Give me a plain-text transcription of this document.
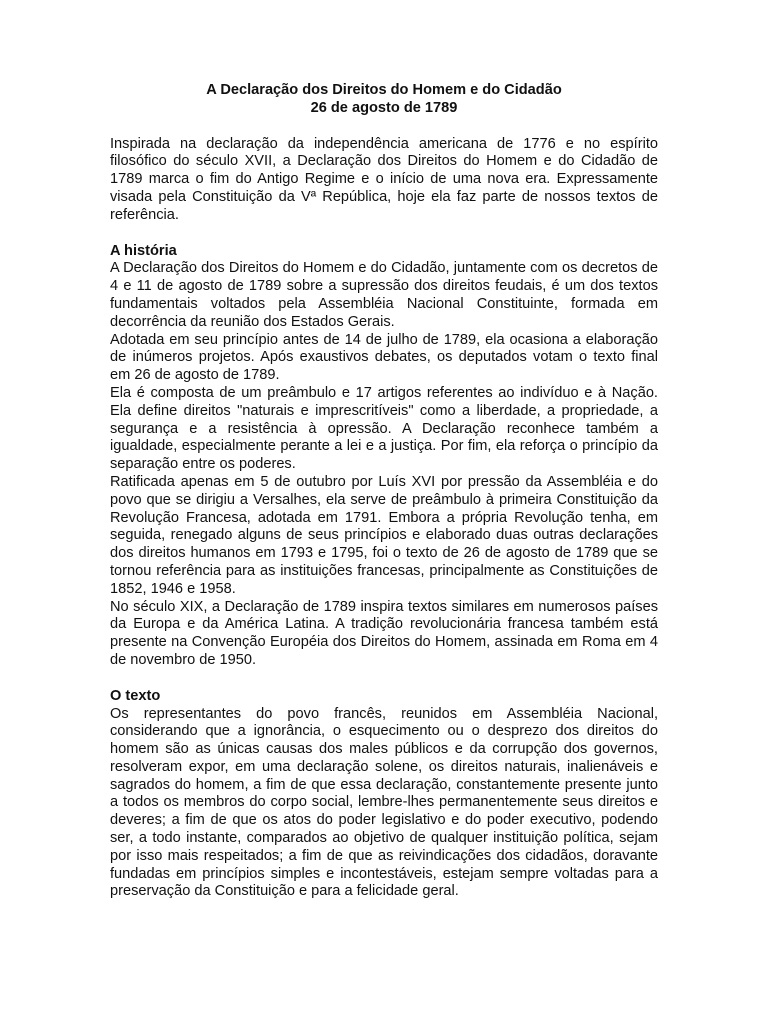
A Declaração dos Direitos do Homem e do Cidadão
26 de agosto de 1789

Inspirada na declaração da independência americana de 1776 e no espírito filosófico do século XVII, a Declaração dos Direitos do Homem e do Cidadão de 1789 marca o fim do Antigo Regime e o início de uma nova era. Expressamente visada pela Constituição da Vª República, hoje ela faz parte de nossos textos de referência.

A história

A Declaração dos Direitos do Homem e do Cidadão, juntamente com os decretos de 4 e 11 de agosto de 1789 sobre a supressão dos direitos feudais, é um dos textos fundamentais voltados pela Assembléia Nacional Constituinte, formada em decorrência da reunião dos Estados Gerais.

Adotada em seu princípio antes de 14 de julho de 1789, ela ocasiona a elaboração de inúmeros projetos. Após exaustivos debates, os deputados votam o texto final em 26 de agosto de 1789.

Ela é composta de um preâmbulo e 17 artigos referentes ao indivíduo e à Nação. Ela define direitos "naturais e imprescritíveis" como a liberdade, a propriedade, a segurança e a resistência à opressão. A Declaração reconhece também a igualdade, especialmente perante a lei e a justiça. Por fim, ela reforça o princípio da separação entre os poderes.

Ratificada apenas em 5 de outubro por Luís XVI por pressão da Assembléia e do povo que se dirigiu a Versalhes, ela serve de preâmbulo à primeira Constituição da Revolução Francesa, adotada em 1791. Embora a própria Revolução tenha, em seguida, renegado alguns de seus princípios e elaborado duas outras declarações dos direitos humanos em 1793 e 1795, foi o texto de 26 de agosto de 1789 que se tornou referência para as instituições francesas, principalmente as Constituições de 1852, 1946 e 1958.

No século XIX, a Declaração de 1789 inspira textos similares em numerosos países da Europa e da América Latina. A tradição revolucionária francesa também está presente na Convenção Européia dos Direitos do Homem, assinada em Roma em 4 de novembro de 1950.

O texto

Os representantes do povo francês, reunidos em Assembléia Nacional, considerando que a ignorância, o esquecimento ou o desprezo dos direitos do homem são as únicas causas dos males públicos e da corrupção dos governos, resolveram expor, em uma declaração solene, os direitos naturais, inalienáveis e sagrados do homem, a fim de que essa declaração, constantemente presente junto a todos os membros do corpo social, lembre-lhes permanentemente seus direitos e deveres; a fim de que os atos do poder legislativo e do poder executivo, podendo ser, a todo instante, comparados ao objetivo de qualquer instituição política, sejam por isso mais respeitados; a fim de que as reivindicações dos cidadãos, doravante fundadas em princípios simples e incontestáveis, estejam sempre voltadas para a preservação da Constituição e para a felicidade geral.
